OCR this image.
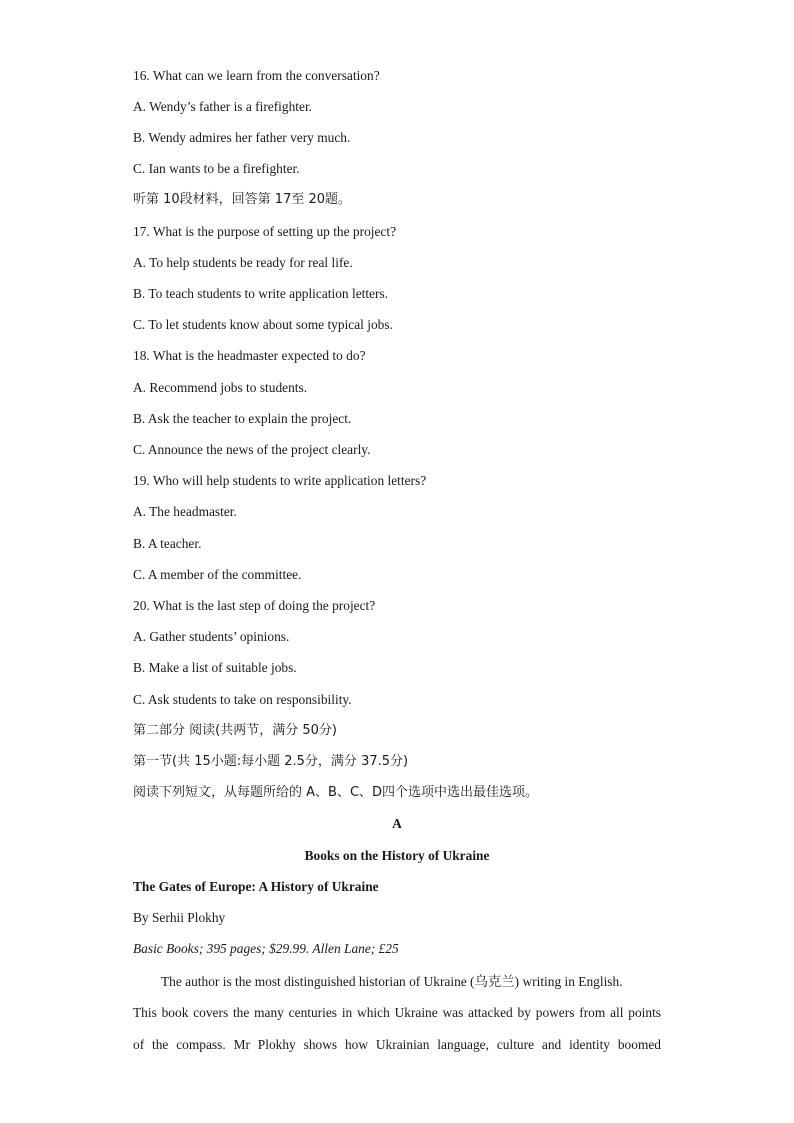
16. What can we learn from the conversation?
A. Wendy’s father is a firefighter.
B. Wendy admires her father very much.
C. Ian wants to be a firefighter.
听第 10段材料，回答第 17至 20题。
17. What is the purpose of setting up the project?
A. To help students be ready for real life.
B. To teach students to write application letters.
C. To let students know about some typical jobs.
18. What is the headmaster expected to do?
A. Recommend jobs to students.
B. Ask the teacher to explain the project.
C. Announce the news of the project clearly.
19. Who will help students to write application letters?
A. The headmaster.
B. A teacher.
C. A member of the committee.
20. What is the last step of doing the project?
A. Gather students’ opinions.
B. Make a list of suitable jobs.
C. Ask students to take on responsibility.
第二部分 阅读(共两节，满分 50分)
第一节(共 15小题:每小题 2.5分，满分 37.5分)
阅读下列短文，从每题所给的 A、B、C、D四个选项中选出最佳选项。
A
Books on the History of Ukraine
The Gates of Europe: A History of Ukraine
By Serhii Plokhy
Basic Books; 395 pages; $29.99. Allen Lane; £25
The author is the most distinguished historian of Ukraine (乌克兰) writing in English.
This book covers the many centuries in which Ukraine was attacked by powers from all points
of the compass. Mr Plokhy shows how Ukrainian language, culture and identity boomed
